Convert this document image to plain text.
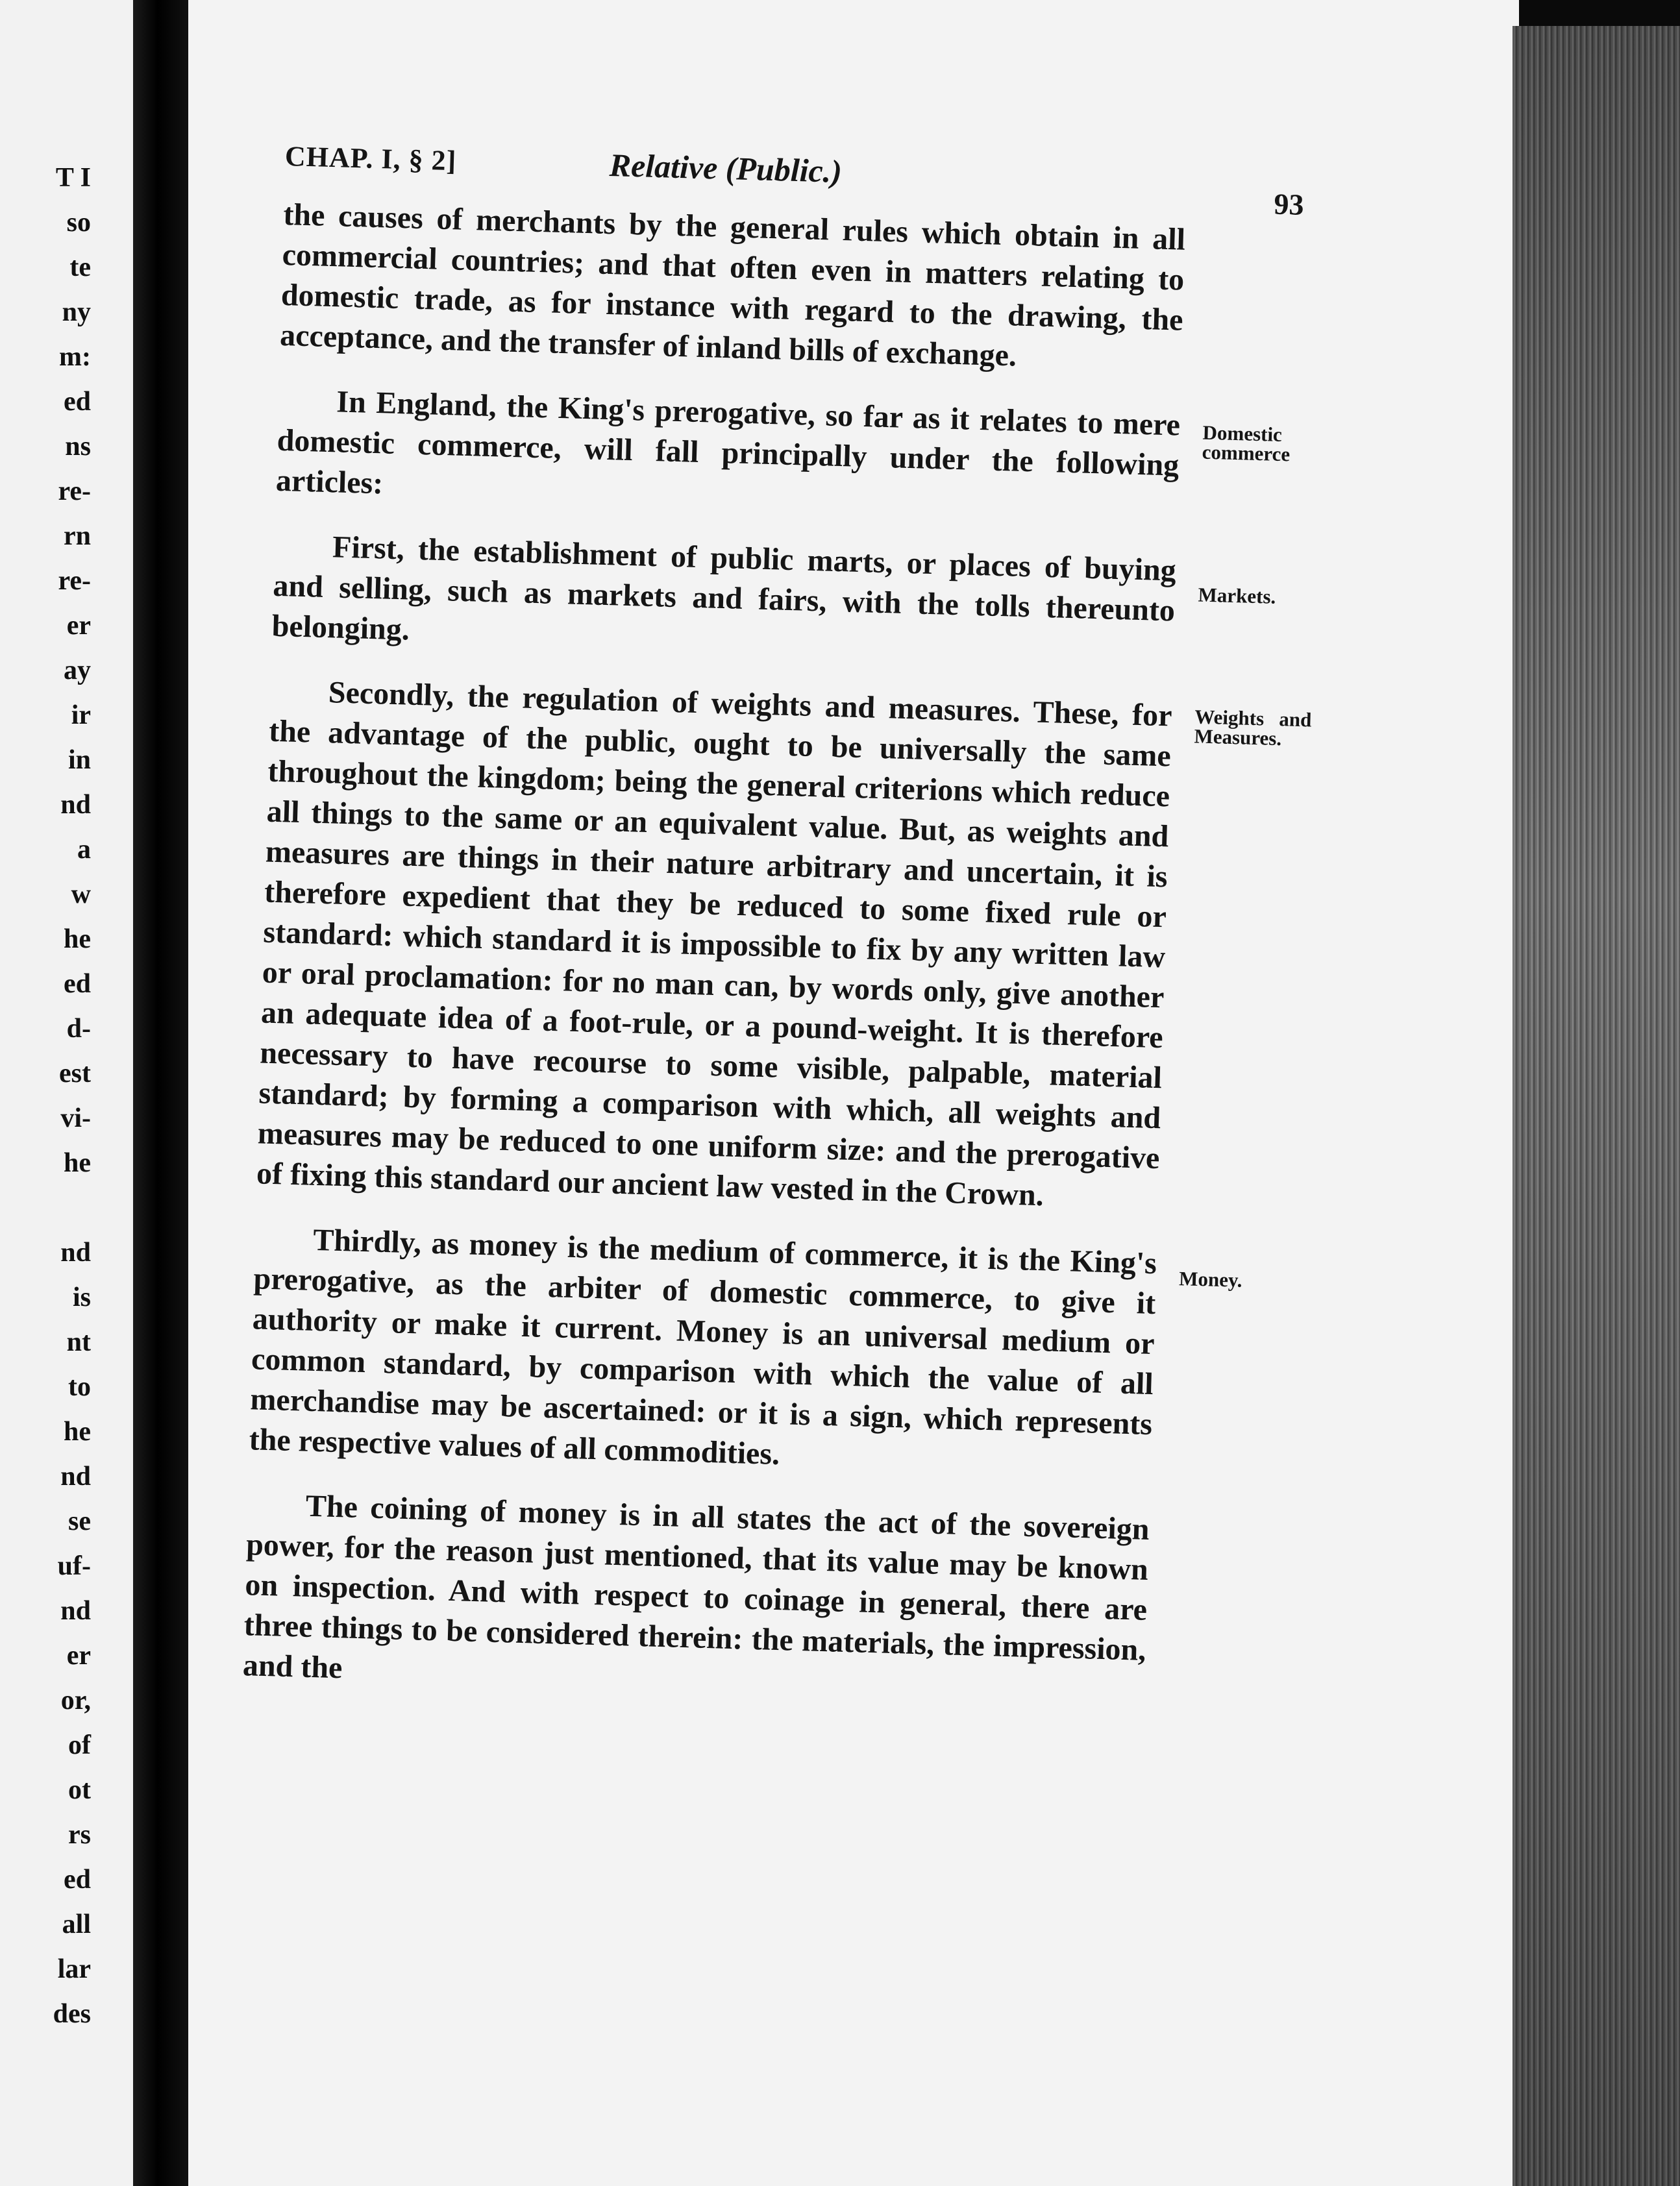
T I
so
te
ny
m:
ed
ns
re-
rn
re-
er
ay
ir
in
nd
a
w
he
ed
d-
est
vi-
he
nd
is
nt
to
he
nd
se
uf-
nd
er
or,
of
ot
rs
ed
all
lar
des
CHAP. I, § 2]	Relative (Public.)
93
the causes of merchants by the general rules which obtain in all commercial countries; and that often even in matters relating to domestic trade, as for instance with regard to the drawing, the acceptance, and the transfer of inland bills of exchange.
In England, the King's prerogative, so far as it relates to mere domestic commerce, will fall principally under the following articles:
Domestic commerce
First, the establishment of public marts, or places of buying and selling, such as markets and fairs, with the tolls thereunto belonging.
Markets.
Secondly, the regulation of weights and measures. These, for the advantage of the public, ought to be universally the same throughout the kingdom; being the general criterions which reduce all things to the same or an equivalent value. But, as weights and measures are things in their nature arbitrary and uncertain, it is therefore expedient that they be reduced to some fixed rule or standard: which standard it is impossible to fix by any written law or oral proclamation: for no man can, by words only, give another an adequate idea of a foot-rule, or a pound-weight. It is therefore necessary to have recourse to some visible, palpable, material standard; by forming a comparison with which, all weights and measures may be reduced to one uniform size: and the prerogative of fixing this standard our ancient law vested in the Crown.
Weights and Measures.
Thirdly, as money is the medium of commerce, it is the King's prerogative, as the arbiter of domestic commerce, to give it authority or make it current. Money is an universal medium or common standard, by comparison with which the value of all merchandise may be ascertained: or it is a sign, which represents the respective values of all commodities.
Money.
The coining of money is in all states the act of the sovereign power, for the reason just mentioned, that its value may be known on inspection. And with respect to coinage in general, there are three things to be considered therein: the materials, the impression, and the
